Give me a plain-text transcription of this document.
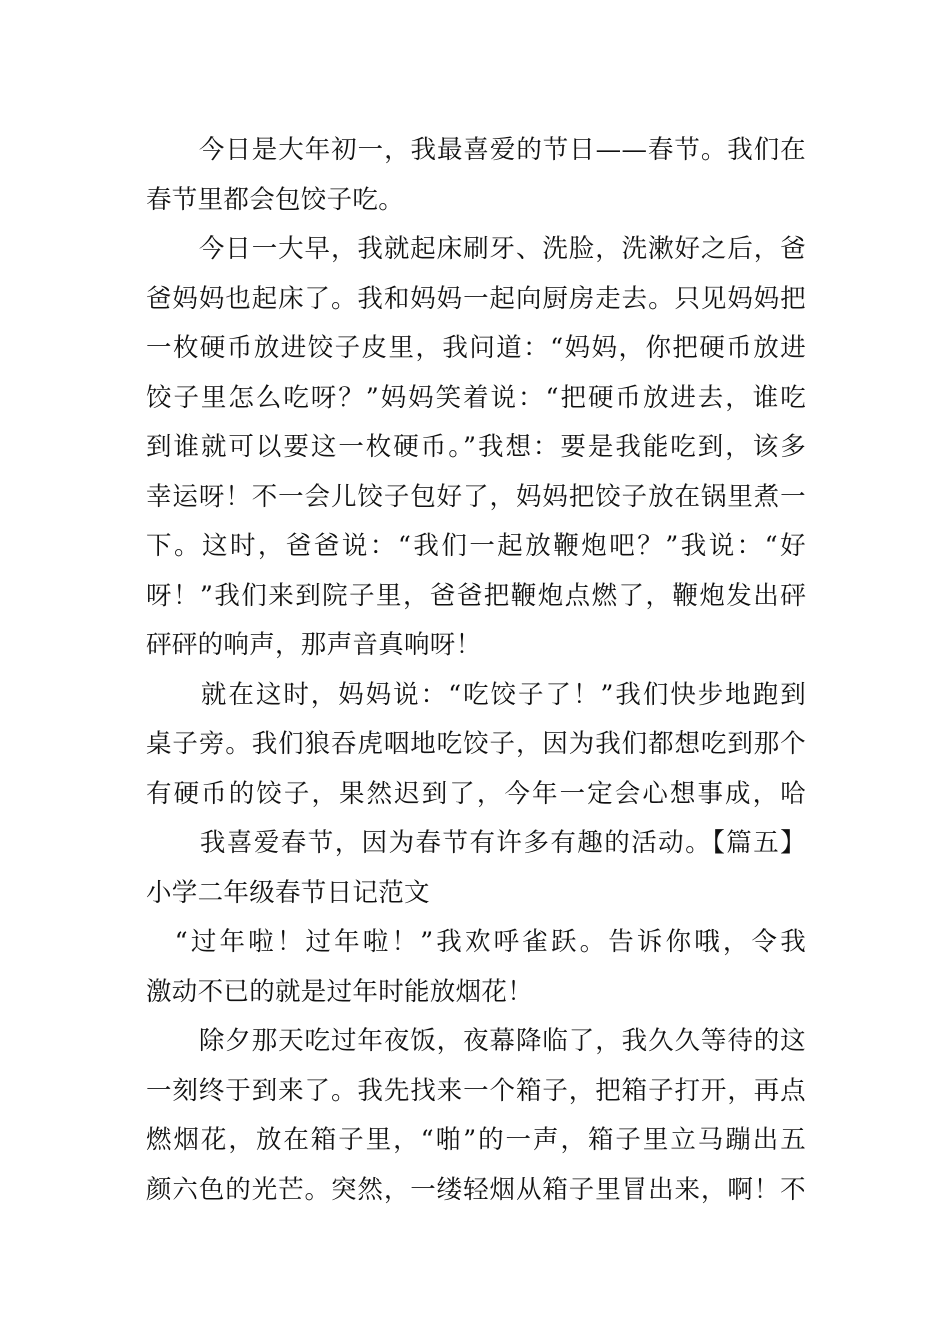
　　今日是大年初一，我最喜爱的节日——春节。我们在
春节里都会包饺子吃。
　　今日一大早，我就起床刷牙、洗脸，洗漱好之后，爸
爸妈妈也起床了。我和妈妈一起向厨房走去。只见妈妈把
一枚硬币放进饺子皮里，我问道：“妈妈，你把硬币放进
饺子里怎么吃呀？”妈妈笑着说：“把硬币放进去，谁吃
到谁就可以要这一枚硬币。”我想：要是我能吃到，该多
幸运呀！不一会儿饺子包好了，妈妈把饺子放在锅里煮一
下。这时，爸爸说：“我们一起放鞭炮吧？”我说：“好
呀！”我们来到院子里，爸爸把鞭炮点燃了，鞭炮发出砰
砰砰的响声，那声音真响呀！
　　就在这时，妈妈说：“吃饺子了！”我们快步地跑到
桌子旁。我们狼吞虎咽地吃饺子，因为我们都想吃到那个
有硬币的饺子，果然迟到了，今年一定会心想事成，哈
　　我喜爱春节，因为春节有许多有趣的活动。【篇五】
小学二年级春节日记范文
　“过年啦！过年啦！”我欢呼雀跃。告诉你哦，令我
激动不已的就是过年时能放烟花！
　　除夕那天吃过年夜饭，夜幕降临了，我久久等待的这
一刻终于到来了。我先找来一个箱子，把箱子打开，再点
燃烟花，放在箱子里，“啪”的一声，箱子里立马蹦出五
颜六色的光芒。突然，一缕轻烟从箱子里冒出来，啊！不
